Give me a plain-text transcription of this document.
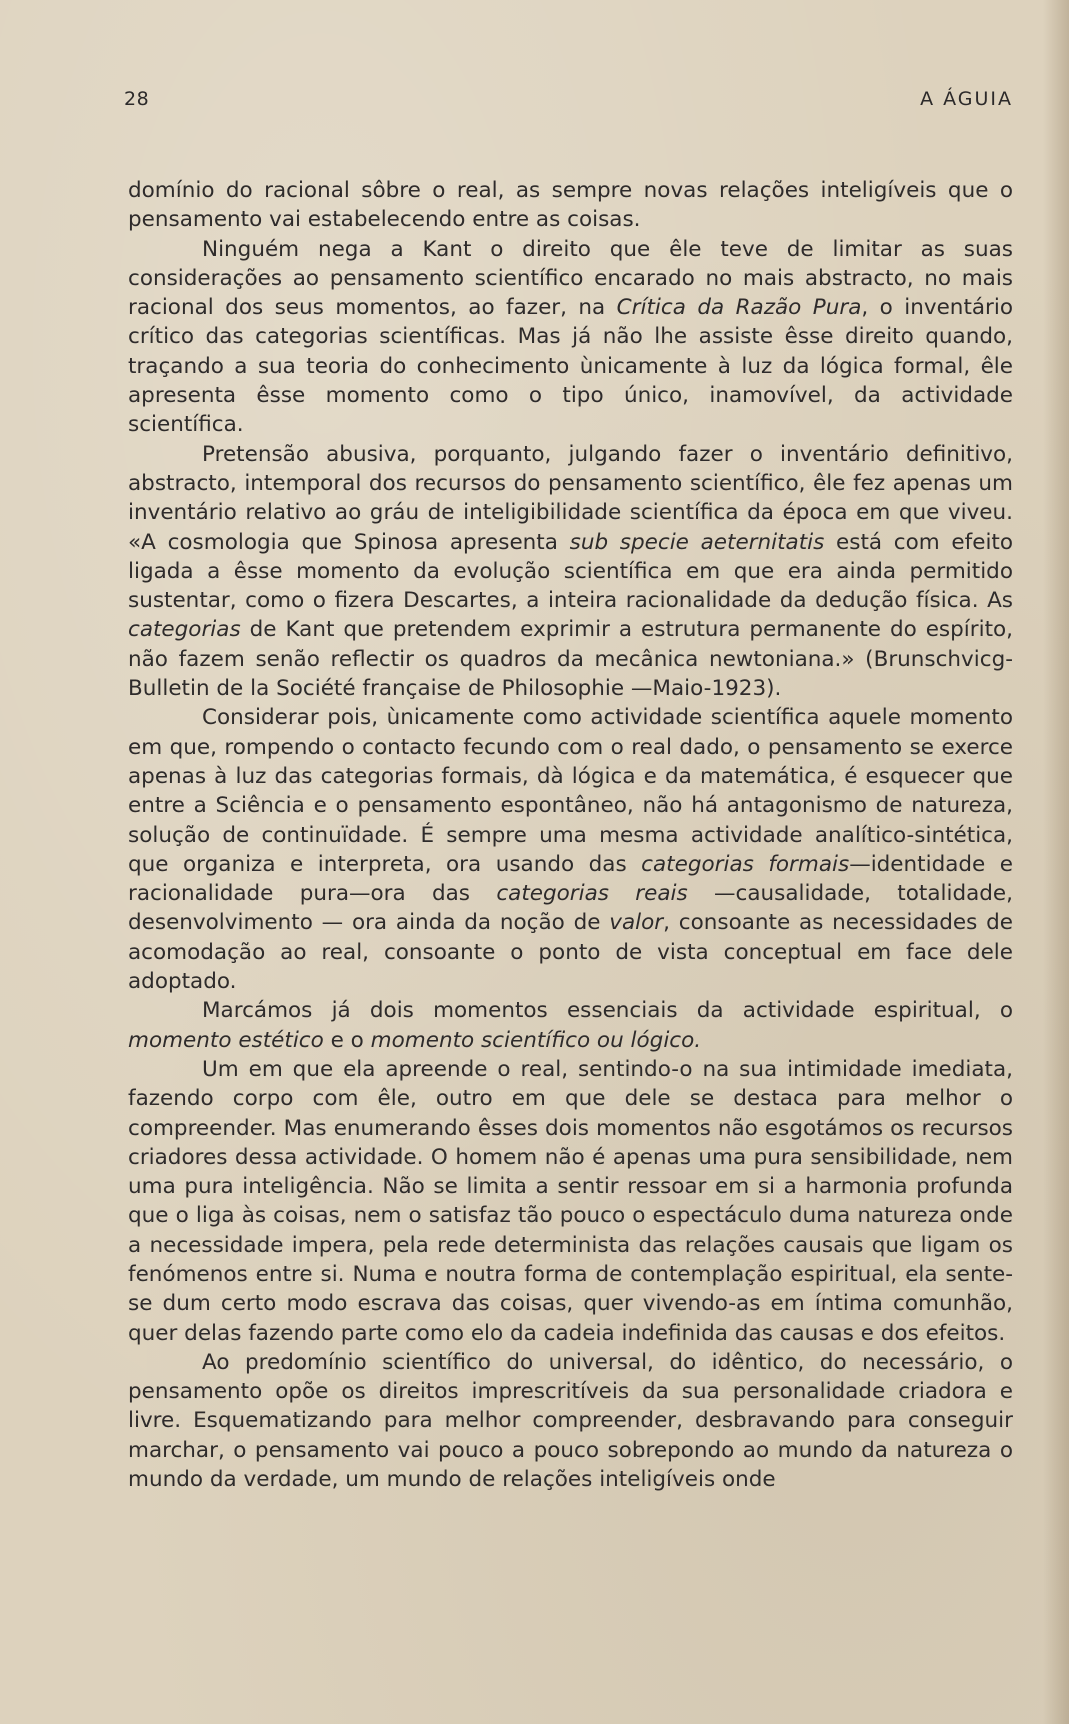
28	A ÁGUIA

domínio do racional sôbre o real, as sempre novas relações inteligíveis que o pensamento vai estabelecendo entre as coisas.

Ninguém nega a Kant o direito que êle teve de limitar as suas considerações ao pensamento scientífico encarado no mais abstracto, no mais racional dos seus momentos, ao fazer, na Crítica da Razão Pura, o inventário crítico das categorias scientíficas. Mas já não lhe assiste êsse direito quando, traçando a sua teoria do conhecimento ùnicamente à luz da lógica formal, êle apresenta êsse momento como o tipo único, inamovível, da actividade scientífica.

Pretensão abusiva, porquanto, julgando fazer o inventário definitivo, abstracto, intemporal dos recursos do pensamento scientífico, êle fez apenas um inventário relativo ao gráu de inteligibilidade scientífica da época em que viveu. «A cosmologia que Spinosa apresenta sub specie aeternitatis está com efeito ligada a êsse momento da evolução scientífica em que era ainda permitido sustentar, como o fizera Descartes, a inteira racionalidade da dedução física. As categorias de Kant que pretendem exprimir a estrutura permanente do espírito, não fazem senão reflectir os quadros da mecânica newtoniana.» (Brunschvicg-Bulletin de la Société française de Philosophie —Maio-1923).

Considerar pois, ùnicamente como actividade scientífica aquele momento em que, rompendo o contacto fecundo com o real dado, o pensamento se exerce apenas à luz das categorias formais, dà lógica e da matemática, é esquecer que entre a Sciência e o pensamento espontâneo, não há antagonismo de natureza, solução de continuïdade. É sempre uma mesma actividade analítico-sintética, que organiza e interpreta, ora usando das categorias formais—identidade e racionalidade pura—ora das categorias reais —causalidade, totalidade, desenvolvimento — ora ainda da noção de valor, consoante as necessidades de acomodação ao real, consoante o ponto de vista conceptual em face dele adoptado.

Marcámos já dois momentos essenciais da actividade espiritual, o momento estético e o momento scientífico ou lógico.

Um em que ela apreende o real, sentindo-o na sua intimidade imediata, fazendo corpo com êle, outro em que dele se destaca para melhor o compreender. Mas enumerando êsses dois momentos não esgotámos os recursos criadores dessa actividade. O homem não é apenas uma pura sensibilidade, nem uma pura inteligência. Não se limita a sentir ressoar em si a harmonia profunda que o liga às coisas, nem o satisfaz tão pouco o espectáculo duma natureza onde a necessidade impera, pela rede determinista das relações causais que ligam os fenómenos entre si. Numa e noutra forma de contemplação espiritual, ela sente-se dum certo modo escrava das coisas, quer vivendo-as em íntima comunhão, quer delas fazendo parte como elo da cadeia indefinida das causas e dos efeitos.

Ao predomínio scientífico do universal, do idêntico, do necessário, o pensamento opõe os direitos imprescritíveis da sua personalidade criadora e livre. Esquematizando para melhor compreender, desbravando para conseguir marchar, o pensamento vai pouco a pouco sobrepondo ao mundo da natureza o mundo da verdade, um mundo de relações inteligíveis onde
